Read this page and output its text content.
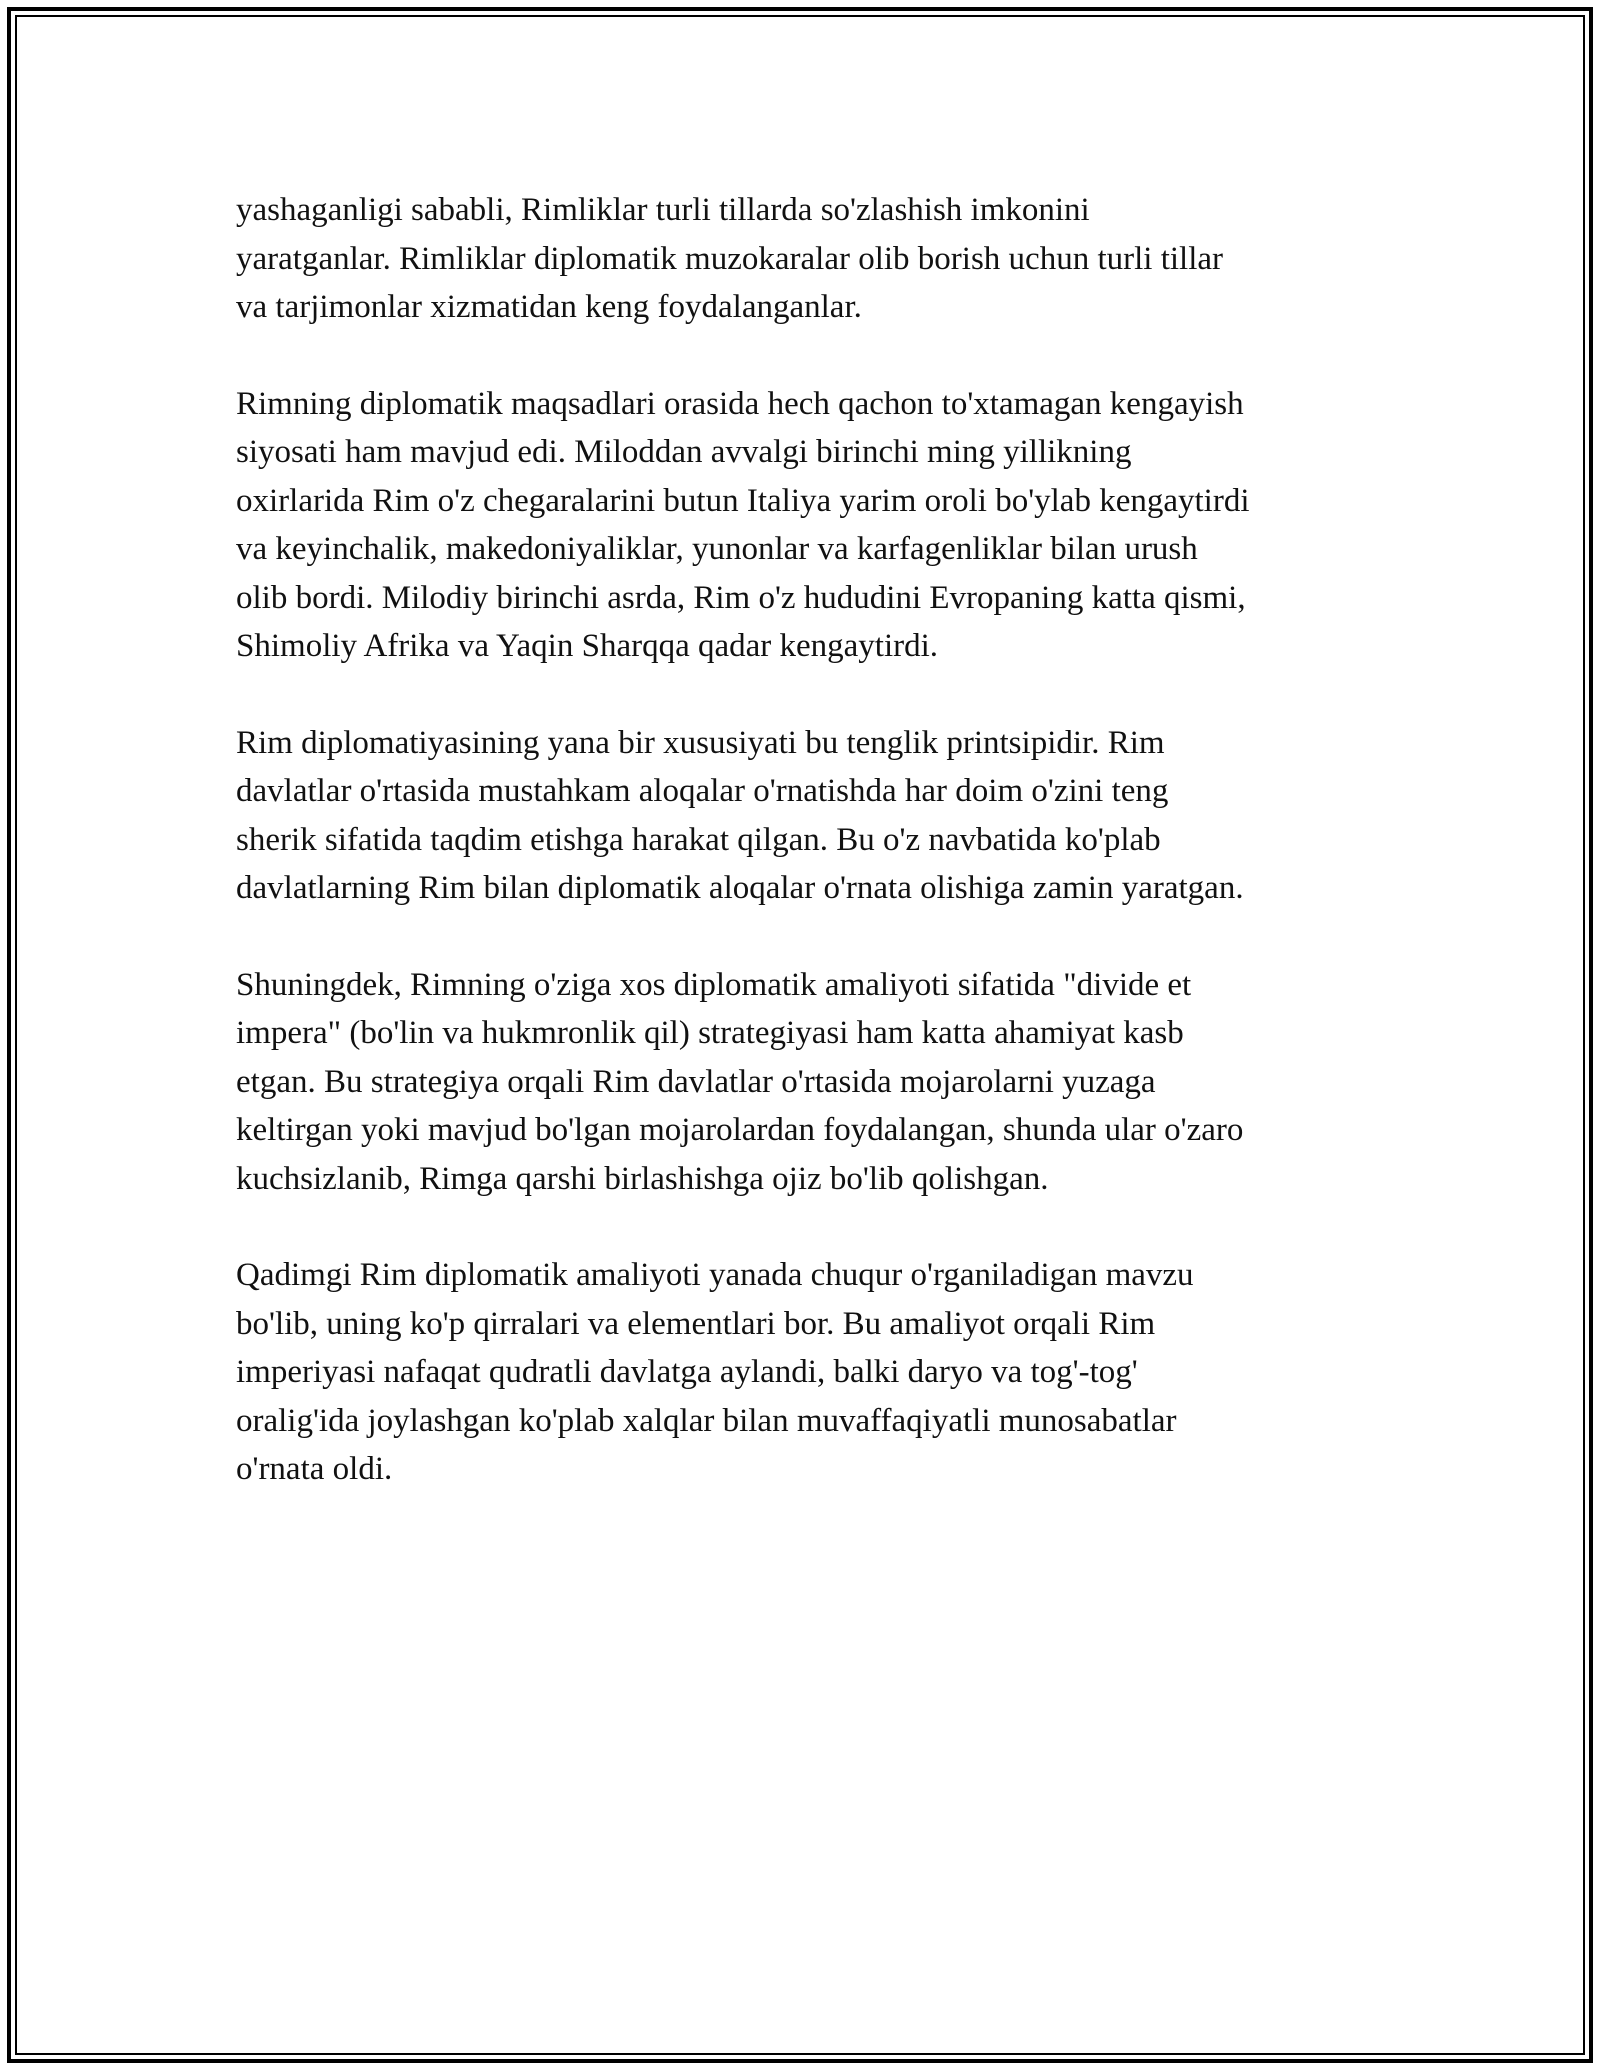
yashaganligi sababli, Rimliklar turli tillarda so'zlashish imkonini
yaratganlar. Rimliklar diplomatik muzokaralar olib borish uchun turli tillar
va tarjimonlar xizmatidan keng foydalanganlar.

Rimning diplomatik maqsadlari orasida hech qachon to'xtamagan kengayish
siyosati ham mavjud edi. Miloddan avvalgi birinchi ming yillikning
oxirlarida Rim o'z chegaralarini butun Italiya yarim oroli bo'ylab kengaytirdi
va keyinchalik, makedoniyaliklar, yunonlar va karfagenliklar bilan urush
olib bordi. Milodiy birinchi asrda, Rim o'z hududini Evropaning katta qismi,
Shimoliy Afrika va Yaqin Sharqqa qadar kengaytirdi.

Rim diplomatiyasining yana bir xususiyati bu tenglik printsipidir. Rim
davlatlar o'rtasida mustahkam aloqalar o'rnatishda har doim o'zini teng
sherik sifatida taqdim etishga harakat qilgan. Bu o'z navbatida ko'plab
davlatlarning Rim bilan diplomatik aloqalar o'rnata olishiga zamin yaratgan.

Shuningdek, Rimning o'ziga xos diplomatik amaliyoti sifatida "divide et
impera" (bo'lin va hukmronlik qil) strategiyasi ham katta ahamiyat kasb
etgan. Bu strategiya orqali Rim davlatlar o'rtasida mojarolarni yuzaga
keltirgan yoki mavjud bo'lgan mojarolardan foydalangan, shunda ular o'zaro
kuchsizlanib, Rimga qarshi birlashishga ojiz bo'lib qolishgan.

Qadimgi Rim diplomatik amaliyoti yanada chuqur o'rganiladigan mavzu
bo'lib, uning ko'p qirralari va elementlari bor. Bu amaliyot orqali Rim
imperiyasi nafaqat qudratli davlatga aylandi, balki daryo va tog'-tog'
oralig'ida joylashgan ko'plab xalqlar bilan muvaffaqiyatli munosabatlar
o'rnata oldi.
